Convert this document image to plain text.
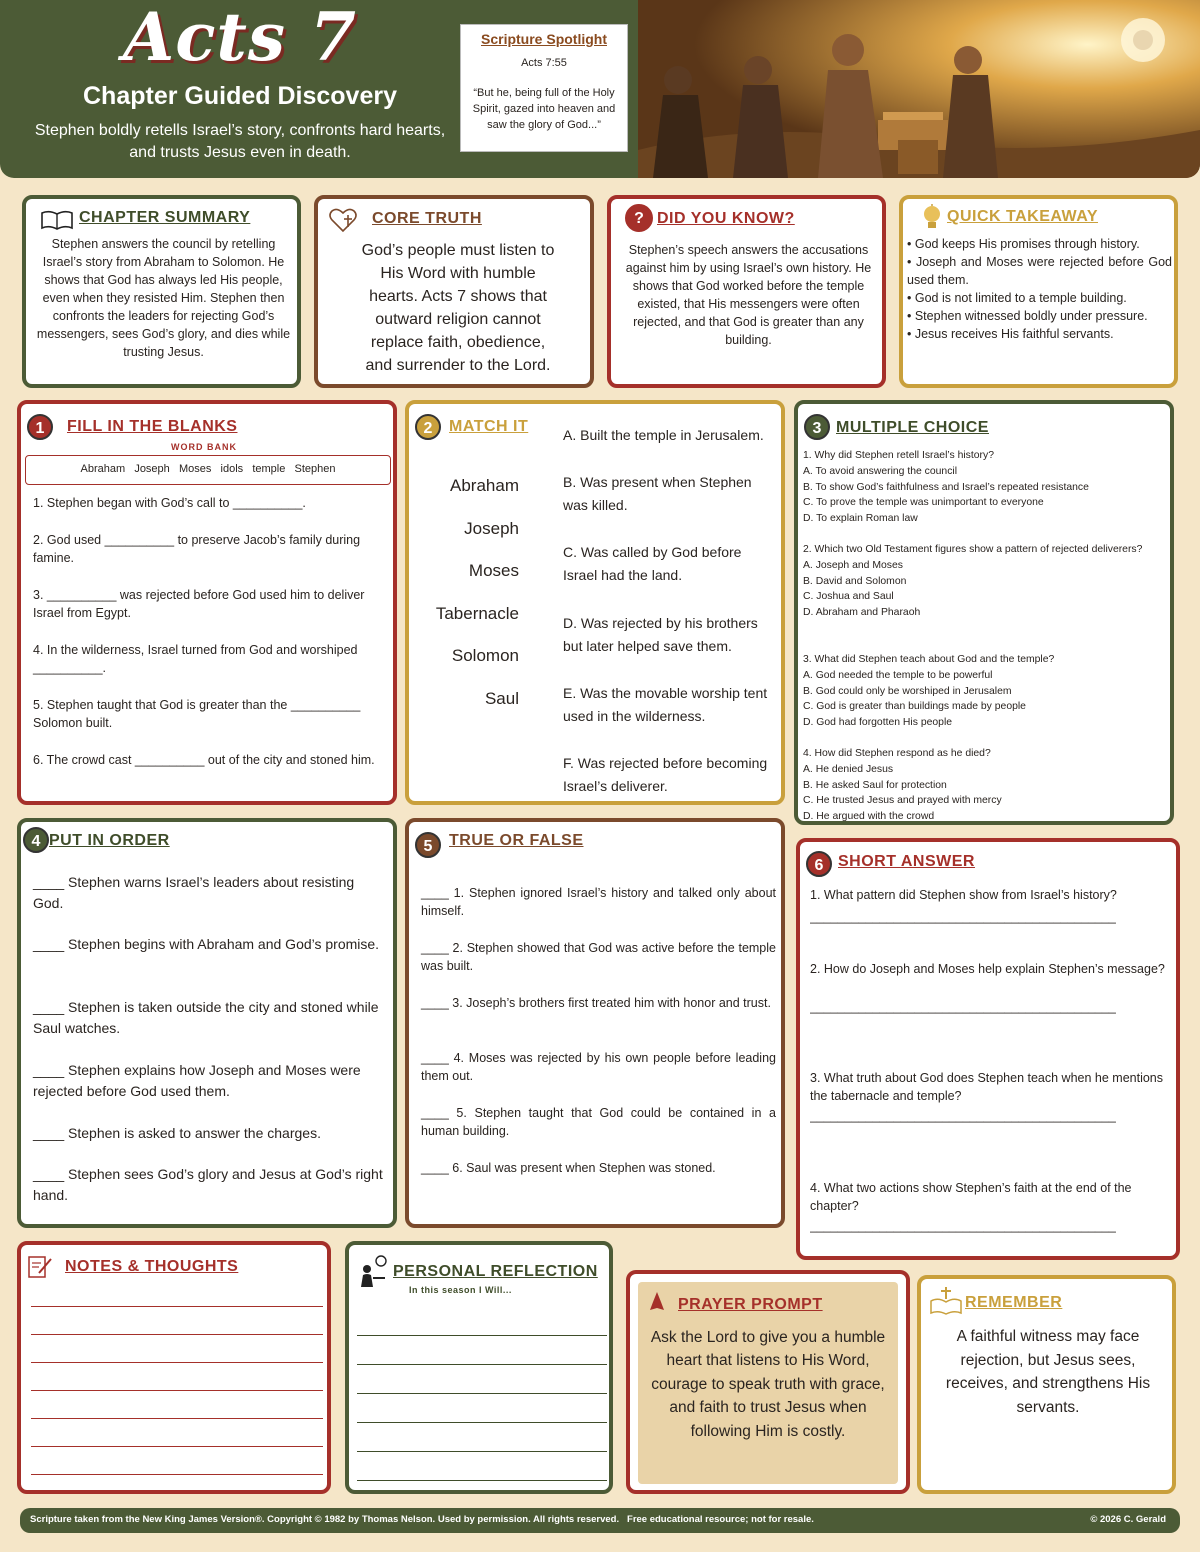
Acts 7
Chapter Guided Discovery
Stephen boldly retells Israel’s story, confronts hard hearts, and trusts Jesus even in death.
Scripture Spotlight
Acts 7:55
“But he, being full of the Holy Spirit, gazed into heaven and saw the glory of God...”
CHAPTER SUMMARY
Stephen answers the council by retelling Israel’s story from Abraham to Solomon. He shows that God has always led His people, even when they resisted Him. Stephen then confronts the leaders for rejecting God’s messengers, sees God’s glory, and dies while trusting Jesus.
CORE TRUTH
God’s people must listen to His Word with humble hearts. Acts 7 shows that outward religion cannot replace faith, obedience, and surrender to the Lord.
? DID YOU KNOW?
Stephen’s speech answers the accusations against him by using Israel’s own history. He shows that God worked before the temple existed, that His messengers were often rejected, and that God is greater than any building.
QUICK TAKEAWAY
• God keeps His promises through history.
• Joseph and Moses were rejected before God used them.
• God is not limited to a temple building.
• Stephen witnessed boldly under pressure.
• Jesus receives His faithful servants.
1	FILL IN THE BLANKS
WORD BANK
Abraham   Joseph   Moses   idols   temple   Stephen
1. Stephen began with God’s call to __________.
2. God used __________ to preserve Jacob’s family during famine.
3. __________ was rejected before God used him to deliver Israel from Egypt.
4. In the wilderness, Israel turned from God and worshiped __________.
5. Stephen taught that God is greater than the __________ Solomon built.
6. The crowd cast __________ out of the city and stoned him.
2	MATCH IT
Abraham
Joseph
Moses
Tabernacle
Solomon
Saul
A. Built the temple in Jerusalem.
B. Was present when Stephen was killed.
C. Was called by God before Israel had the land.
D. Was rejected by his brothers but later helped save them.
E. Was the movable worship tent used in the wilderness.
F. Was rejected before becoming Israel’s deliverer.
3 MULTIPLE CHOICE
1. Why did Stephen retell Israel’s history?
A. To avoid answering the council
B. To show God’s faithfulness and Israel’s repeated resistance
C. To prove the temple was unimportant to everyone
D. To explain Roman law
2. Which two Old Testament figures show a pattern of rejected deliverers?
A. Joseph and Moses
B. David and Solomon
C. Joshua and Saul
D. Abraham and Pharaoh
3. What did Stephen teach about God and the temple?
A. God needed the temple to be powerful
B. God could only be worshiped in Jerusalem
C. God is greater than buildings made by people
D. God had forgotten His people
4. How did Stephen respond as he died?
A. He denied Jesus
B. He asked Saul for protection
C. He trusted Jesus and prayed with mercy
D. He argued with the crowd
4 PUT IN ORDER
____ Stephen warns Israel’s leaders about resisting God.
____ Stephen begins with Abraham and God’s promise.
____ Stephen is taken outside the city and stoned while Saul watches.
____ Stephen explains how Joseph and Moses were rejected before God used them.
____ Stephen is asked to answer the charges.
____ Stephen sees God’s glory and Jesus at God’s right hand.
5	TRUE OR FALSE
____ 1. Stephen ignored Israel’s history and talked only about himself.
____ 2. Stephen showed that God was active before the temple was built.
____ 3. Joseph’s brothers first treated him with honor and trust.
____ 4. Moses was rejected by his own people before leading them out.
____ 5. Stephen taught that God could be contained in a human building.
____ 6. Saul was present when Stephen was stoned.
6 SHORT ANSWER
1. What pattern did Stephen show from Israel’s history?
____________________________________________
2. How do Joseph and Moses help explain Stephen’s message?
____________________________________________
3. What truth about God does Stephen teach when he mentions the tabernacle and temple?
____________________________________________
4. What two actions show Stephen’s faith at the end of the chapter?
____________________________________________
NOTES & THOUGHTS	PERSONAL REFLECTION
In this season I Will...
PRAYER PROMPT
Ask the Lord to give you a humble heart that listens to His Word, courage to speak truth with grace, and faith to trust Jesus when following Him is costly.
REMEMBER
A faithful witness may face rejection, but Jesus sees, receives, and strengthens His servants.
Scripture taken from the New King James Version®. Copyright © 1982 by Thomas Nelson. Used by permission. All rights reserved.   Free educational resource; not for resale.	© 2026 C. Gerald
